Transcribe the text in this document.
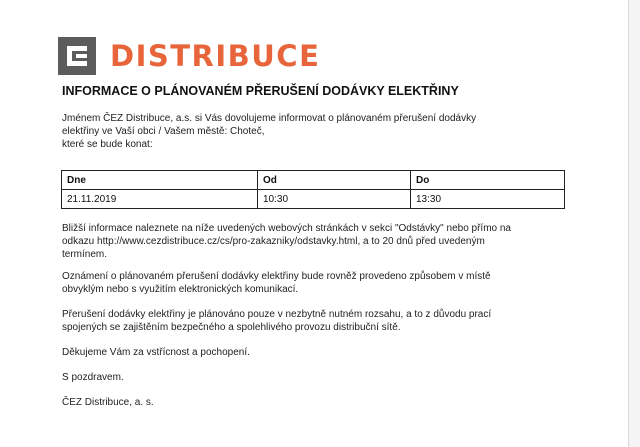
DISTRIBUCE
INFORMACE O PLÁNOVANÉM PŘERUŠENÍ DODÁVKY ELEKTŘINY
Jménem ČEZ Distribuce, a.s. si Vás dovolujeme informovat o plánovaném přerušení dodávky
elektřiny ve Vaší obci / Vašem městě: Choteč,
které se bude konat:
Dne	Od	Do
21.11.2019	10:30	13:30
Bližší informace naleznete na níže uvedených webových stránkách v sekci "Odstávky" nebo přímo na
odkazu http://www.cezdistribuce.cz/cs/pro-zakazniky/odstavky.html, a to 20 dnů před uvedeným
termínem.
Oznámení o plánovaném přerušení dodávky elektřiny bude rovněž provedeno způsobem v místě
obvyklým nebo s využitím elektronických komunikací.
Přerušení dodávky elektřiny je plánováno pouze v nezbytně nutném rozsahu, a to z důvodu prací
spojených se zajištěním bezpečného a spolehlivého provozu distribuční sítě.
Děkujeme Vám za vstřícnost a pochopení.
S pozdravem.
ČEZ Distribuce, a. s.
